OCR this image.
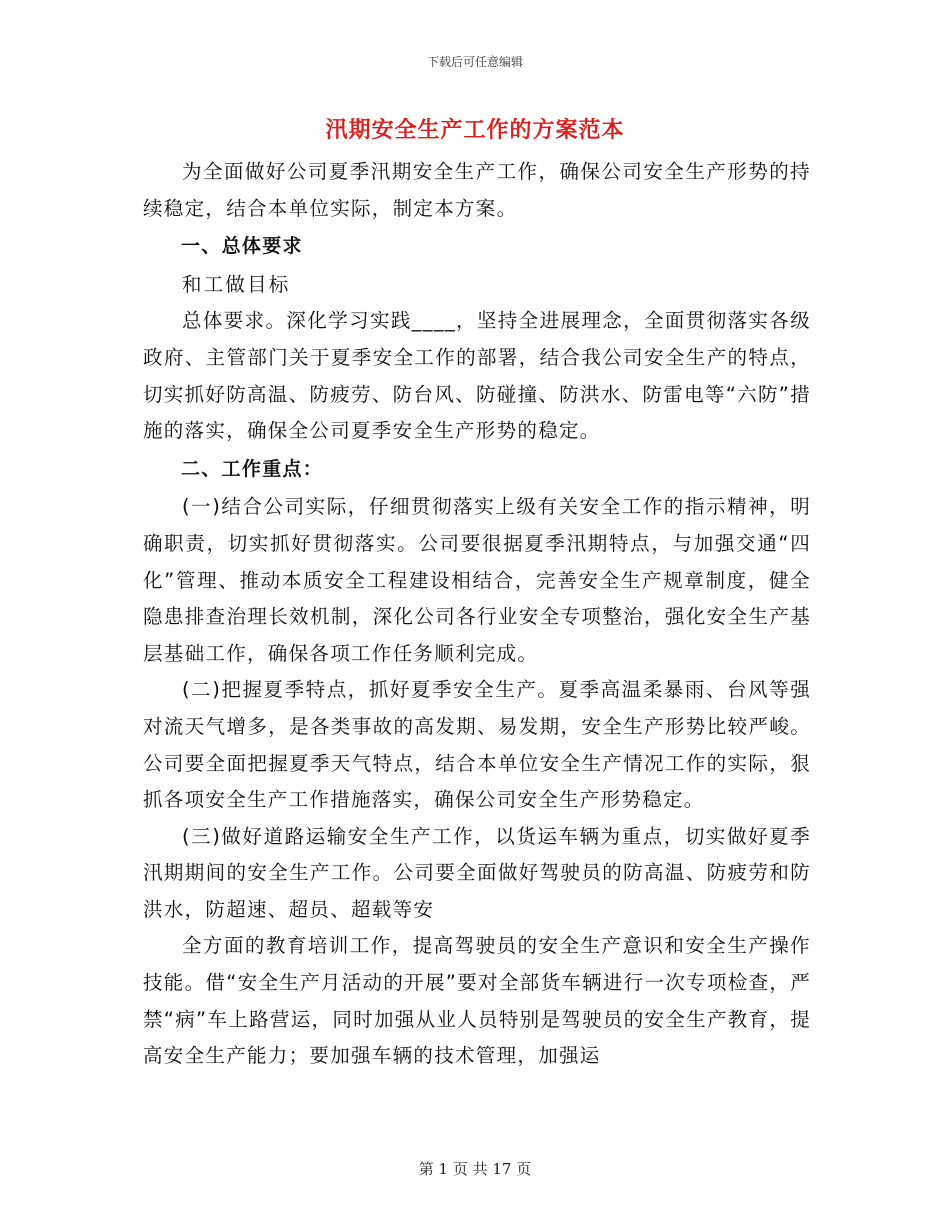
下载后可任意编辑
汛期安全生产工作的方案范本

为全面做好公司夏季汛期安全生产工作，确保公司安全生产形势的持续稳定，结合本单位实际，制定本方案。

一、总体要求

和工做目标

总体要求。深化学习实践____，坚持全进展理念，全面贯彻落实各级政府、主管部门关于夏季安全工作的部署，结合我公司安全生产的特点，切实抓好防高温、防疲劳、防台风、防碰撞、防洪水、防雷电等“六防”措施的落实，确保全公司夏季安全生产形势的稳定。

二、工作重点：

(一)结合公司实际，仔细贯彻落实上级有关安全工作的指示精神，明确职责，切实抓好贯彻落实。公司要很据夏季汛期特点，与加强交通“四化”管理、推动本质安全工程建设相结合，完善安全生产规章制度，健全隐患排查治理长效机制，深化公司各行业安全专项整治，强化安全生产基层基础工作，确保各项工作任务顺利完成。

(二)把握夏季特点，抓好夏季安全生产。夏季高温柔暴雨、台风等强对流天气增多，是各类事故的高发期、易发期，安全生产形势比较严峻。公司要全面把握夏季天气特点，结合本单位安全生产情况工作的实际，狠抓各项安全生产工作措施落实，确保公司安全生产形势稳定。

(三)做好道路运输安全生产工作，以货运车辆为重点，切实做好夏季汛期期间的安全生产工作。公司要全面做好驾驶员的防高温、防疲劳和防洪水，防超速、超员、超载等安

全方面的教育培训工作，提高驾驶员的安全生产意识和安全生产操作技能。借“安全生产月活动的开展”要对全部货车辆进行一次专项检查，严禁“病”车上路营运，同时加强从业人员特别是驾驶员的安全生产教育，提高安全生产能力；要加强车辆的技术管理，加强运

第 1 页 共 17 页
